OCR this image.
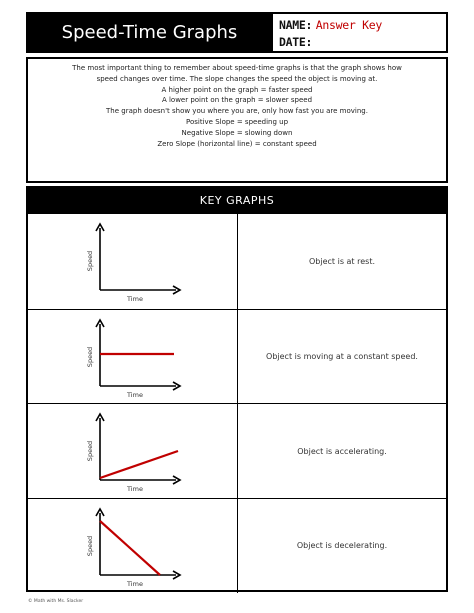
Speed-Time Graphs	NAME: Answer Key
DATE:

The most important thing to remember about speed-time graphs is that the graph shows how

speed changes over time. The slope changes the speed the object is moving at.

A higher point on the graph = faster speed

A lower point on the graph = slower speed

The graph doesn't show you where you are, only how fast you are moving.

Positive Slope = speeding up

Negative Slope = slowing down

Zero Slope (horizontal line) = constant speed

KEY GRAPHS
Speed
Time
Object is at rest.
Speed
Time
Object is moving at a constant speed.
Speed
Time
Object is accelerating.
Speed
Time
Object is decelerating.
© Math with Ms. Slacker
